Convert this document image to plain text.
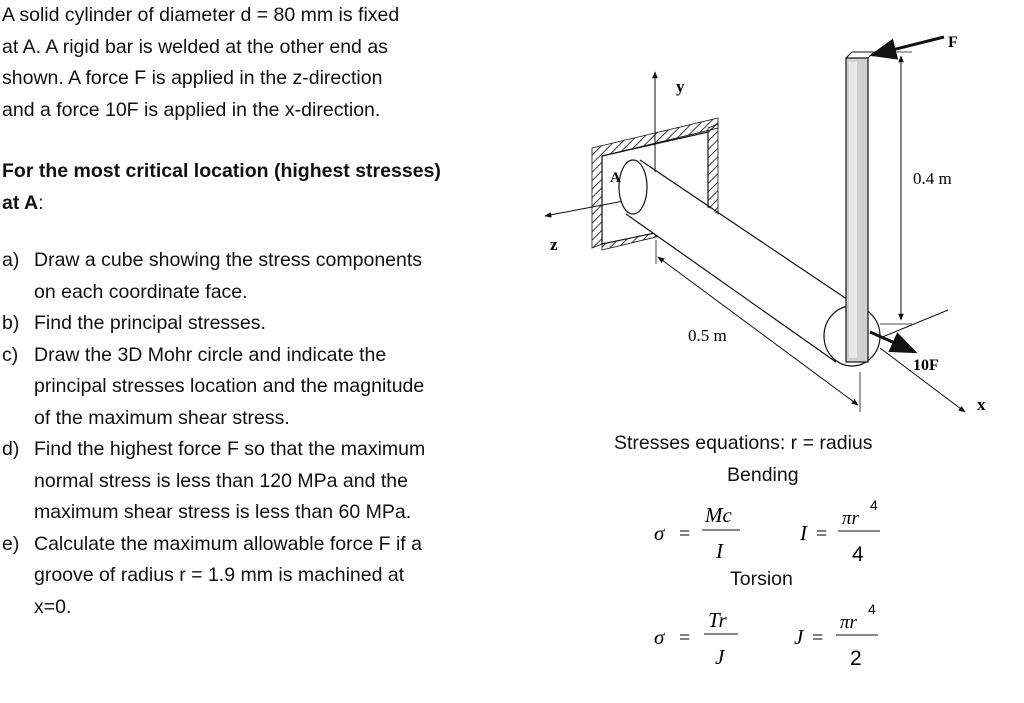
A solid cylinder of diameter d = 80 mm is fixed

at A. A rigid bar is welded at the other end as

shown. A force F is applied in the z-direction

and a force 10F is applied in the x-direction.

For the most critical location (highest stresses)

at A:

a) Draw a cube showing the stress components

on each coordinate face.

b) Find the principal stresses.

c) Draw the 3D Mohr circle and indicate the

principal stresses location and the magnitude

of the maximum shear stress.

d) Find the highest force F so that the maximum

normal stress is less than 120 MPa and the

maximum shear stress is less than 60 MPa.

e) Calculate the maximum allowable force F if a

groove of radius r = 1.9 mm is machined at

x=0.

A
y
z
x
F
10F
0.4 m
0.5 m
σ =
Mc
I
I =
πr
4
4
σ =
Tr
J
J =
πr
4
2
Stresses equations: r = radius
Bending
Torsion
